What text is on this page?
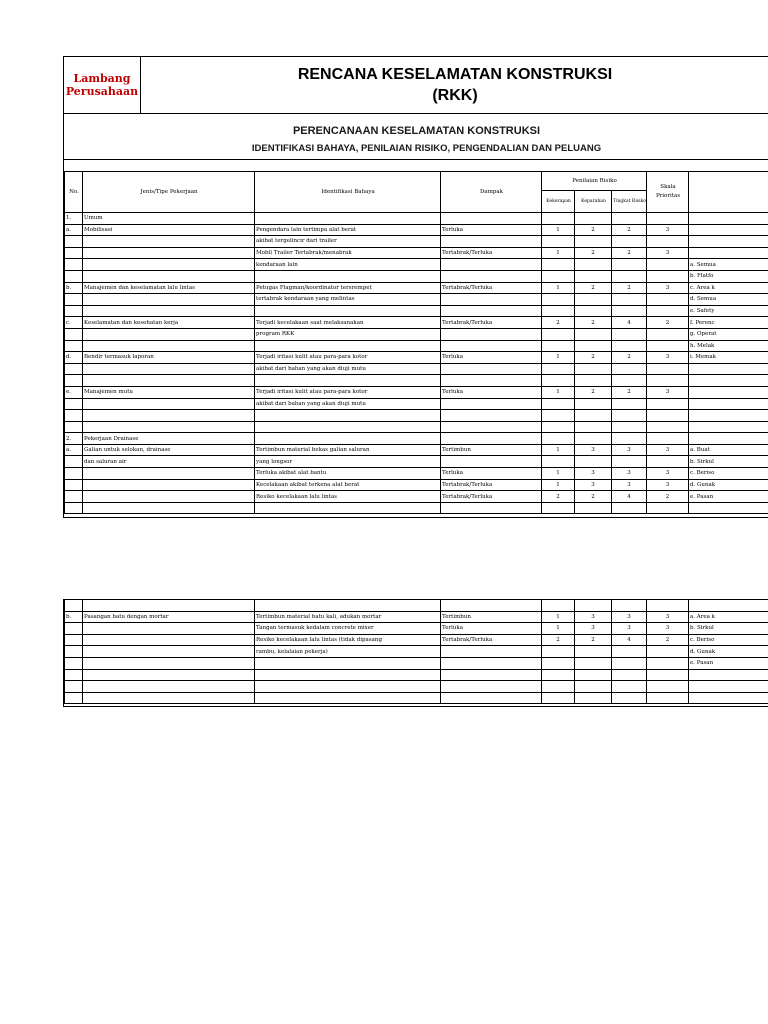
Lambang
Perusahaan
RENCANA KESELAMATAN KONSTRUKSI
(RKK)
PERENCANAAN KESELAMATAN KONSTRUKSI
IDENTIFIKASI BAHAYA, PENILAIAN RISIKO, PENGENDALIAN DAN PELUANG
No.	Jenis/Tipe Pekerjaan	Identifikasi Bahaya	Dampak	Penilaian Risiko			Skala Prioritas	
				Kekerapan	Keparahan	Tingkat Risiko		
1.	Umum							
a.	Mobilisasi	Pengendara lain tertimpa alat berat	Terluka	1	2	2	3	
		akibat tergelincir dari trailer						
		Mobil Trailer Tertabrak/menabrak	Tertabrak/Terluka	1	2	2	3	
		kendaraan lain						a. Semua
								b. Flatfo
b.	Manajemen dan keselamatan lalu lintas	Petugas Flagman/koordinator tersrempet	Tertabrak/Terluka	1	2	2	3	c. Area k
		tertabrak kendaraan yang melintas						d. Semua
								e. Safety
c.	Keselamatan dan kesehatan kerja	Terjadi kecelakaan saat melaksanakan	Tertabrak/Terluka	2	2	4	2	f. Perenc
		program RKK						g. Operat
								h. Melak
d.	Bendir termasuk laporan	Terjadi iritasi kulit atau para-para kotor	Terluka	1	2	2	3	i. Memak
		akibat dari bahan yang akan diuji mutu						

e.	Manajemen mutu	Terjadi iritasi kulit atau para-para kotor	Terluka	1	2	2	3	
		akibat dari bahan yang akan diuji mutu						

2.	Pekerjaan Drainase							
a.	Galian untuk selokan, drainase	Tertimbun material bekas galian saluran	Tertimbun	1	3	3	3	a. Buat
	dan saluran air	yang longsor						b. Sirkul
		Terluka akibat alat bantu	Terluka	1	3	3	3	c. Beriso
		Kecelakaan akibat terkena alat berat	Tertabrak/Terluka	1	3	3	3	d. Gunak
		Resiko kecelakaan lalu lintas	Tertabrak/Terluka	2	2	4	2	e. Pasan

b.	Pasangan batu dengan mortar	Tertimbun material batu kali, adukan mortar	Tertimbun	1	3	3	3	a. Area k
		Tangan termasuk kedalam concrete mixer	Terluka	1	3	3	3	b. Sirkul
		Resiko kecelakaan lalu lintas (tidak dipasang	Tertabrak/Terluka	2	2	4	2	c. Beriso
		rambu, kelalaian pekerja)						d. Gunak
								e. Pasan
